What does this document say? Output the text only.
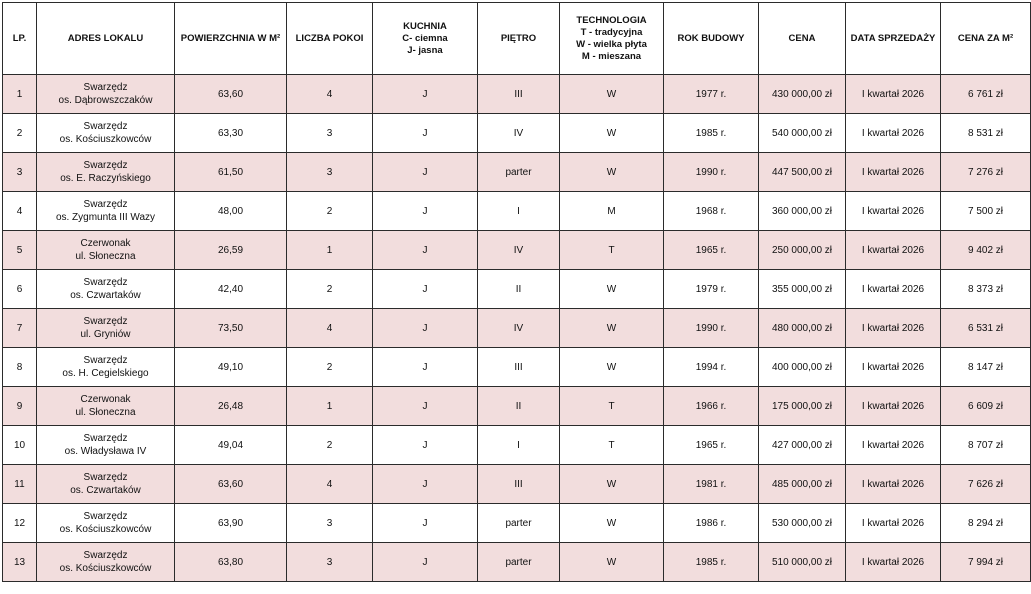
LP.	ADRES LOKALU	POWIERZCHNIA W M²	LICZBA POKOI	KUCHNIA
C- ciemna
J- jasna	PIĘTRO	TECHNOLOGIA
T - tradycyjna
W - wielka płyta
M - mieszana	ROK BUDOWY	CENA	DATA SPRZEDAŻY	CENA ZA M²

1	Swarzędz
os. Dąbrowszczaków	63,60	4	J	III	W	1977 r.	430 000,00 zł	I kwartał 2026	6 761 zł
2	Swarzędz
os. Kościuszkowców	63,30	3	J	IV	W	1985 r.	540 000,00 zł	I kwartał 2026	8 531 zł
3	Swarzędz
os. E. Raczyńskiego	61,50	3	J	parter	W	1990 r.	447 500,00 zł	I kwartał 2026	7 276 zł
4	Swarzędz
os. Zygmunta III Wazy	48,00	2	J	I	M	1968 r.	360 000,00 zł	I kwartał 2026	7 500 zł
5	Czerwonak
ul. Słoneczna	26,59	1	J	IV	T	1965 r.	250 000,00 zł	I kwartał 2026	9 402 zł
6	Swarzędz
os. Czwartaków	42,40	2	J	II	W	1979 r.	355 000,00 zł	I kwartał 2026	8 373 zł
7	Swarzędz
ul. Gryniów	73,50	4	J	IV	W	1990 r.	480 000,00 zł	I kwartał 2026	6 531 zł
8	Swarzędz
os. H. Cegielskiego	49,10	2	J	III	W	1994 r.	400 000,00 zł	I kwartał 2026	8 147 zł
9	Czerwonak
ul. Słoneczna	26,48	1	J	II	T	1966 r.	175 000,00 zł	I kwartał 2026	6 609 zł
10	Swarzędz
os. Władysława IV	49,04	2	J	I	T	1965 r.	427 000,00 zł	I kwartał 2026	8 707 zł
11	Swarzędz
os. Czwartaków	63,60	4	J	III	W	1981 r.	485 000,00 zł	I kwartał 2026	7 626 zł
12	Swarzędz
os. Kościuszkowców	63,90	3	J	parter	W	1986 r.	530 000,00 zł	I kwartał 2026	8 294 zł
13	Swarzędz
os. Kościuszkowców	63,80	3	J	parter	W	1985 r.	510 000,00 zł	I kwartał 2026	7 994 zł
